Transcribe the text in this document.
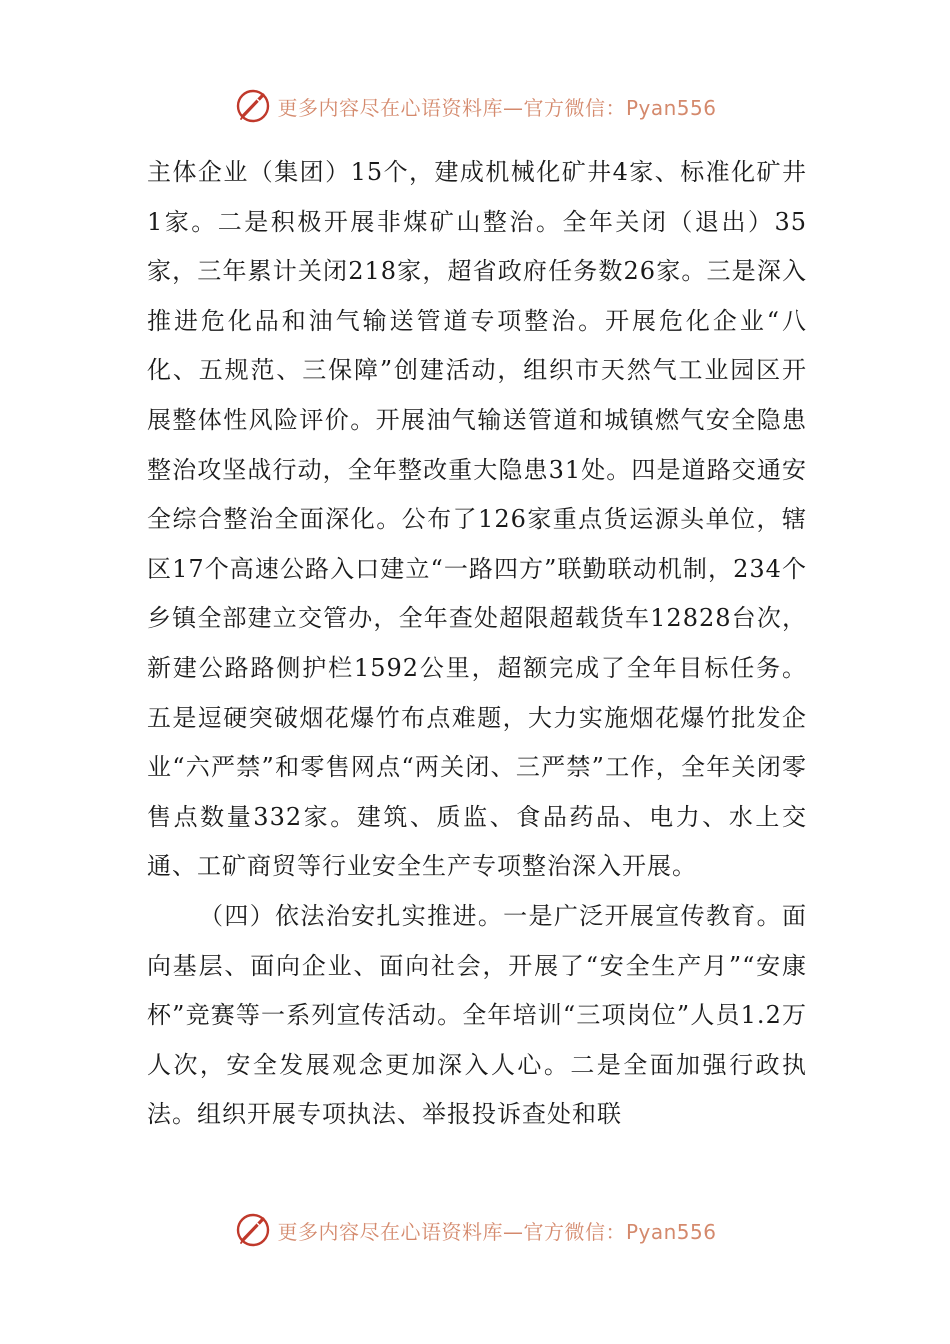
更多内容尽在心语资料库—官方微信：Pyan556

主体企业（集团）15个，建成机械化矿井4家、标准化矿井1家。二是积极开展非煤矿山整治。全年关闭（退出）35家，三年累计关闭218家，超省政府任务数26家。三是深入推进危化品和油气输送管道专项整治。开展危化企业“八化、五规范、三保障”创建活动，组织市天然气工业园区开展整体性风险评价。开展油气输送管道和城镇燃气安全隐患整治攻坚战行动，全年整改重大隐患31处。四是道路交通安全综合整治全面深化。公布了126家重点货运源头单位，辖区17个高速公路入口建立“一路四方”联勤联动机制，234个乡镇全部建立交管办，全年查处超限超载货车12828台次，新建公路路侧护栏1592公里，超额完成了全年目标任务。五是逗硬突破烟花爆竹布点难题，大力实施烟花爆竹批发企业“六严禁”和零售网点“两关闭、三严禁”工作，全年关闭零售点数量332家。建筑、质监、食品药品、电力、水上交通、工矿商贸等行业安全生产专项整治深入开展。

（四）依法治安扎实推进。一是广泛开展宣传教育。面向基层、面向企业、面向社会，开展了“安全生产月”“安康杯”竞赛等一系列宣传活动。全年培训“三项岗位”人员1.2万人次，安全发展观念更加深入人心。二是全面加强行政执法。组织开展专项执法、举报投诉查处和联

更多内容尽在心语资料库—官方微信：Pyan556
